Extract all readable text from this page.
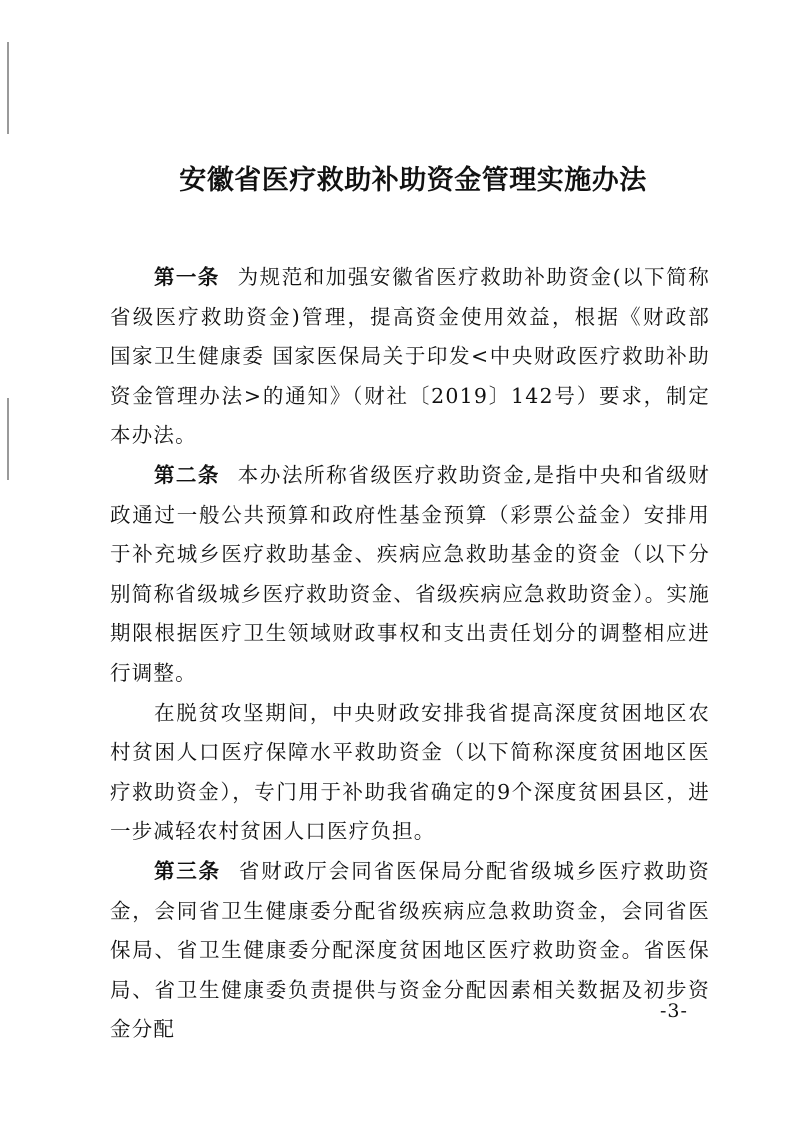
安徽省医疗救助补助资金管理实施办法

第一条 为规范和加强安徽省医疗救助补助资金(以下简称省级医疗救助资金)管理，提高资金使用效益，根据《财政部 国家卫生健康委 国家医保局关于印发<中央财政医疗救助补助资金管理办法>的通知》（财社〔2019〕142号）要求，制定本办法。

第二条 本办法所称省级医疗救助资金,是指中央和省级财政通过一般公共预算和政府性基金预算（彩票公益金）安排用于补充城乡医疗救助基金、疾病应急救助基金的资金（以下分别简称省级城乡医疗救助资金、省级疾病应急救助资金）。实施期限根据医疗卫生领域财政事权和支出责任划分的调整相应进行调整。

在脱贫攻坚期间，中央财政安排我省提高深度贫困地区农村贫困人口医疗保障水平救助资金（以下简称深度贫困地区医疗救助资金），专门用于补助我省确定的9个深度贫困县区，进一步减轻农村贫困人口医疗负担。

第三条 省财政厅会同省医保局分配省级城乡医疗救助资金，会同省卫生健康委分配省级疾病应急救助资金，会同省医保局、省卫生健康委分配深度贫困地区医疗救助资金。省医保局、省卫生健康委负责提供与资金分配因素相关数据及初步资金分配

-3-
